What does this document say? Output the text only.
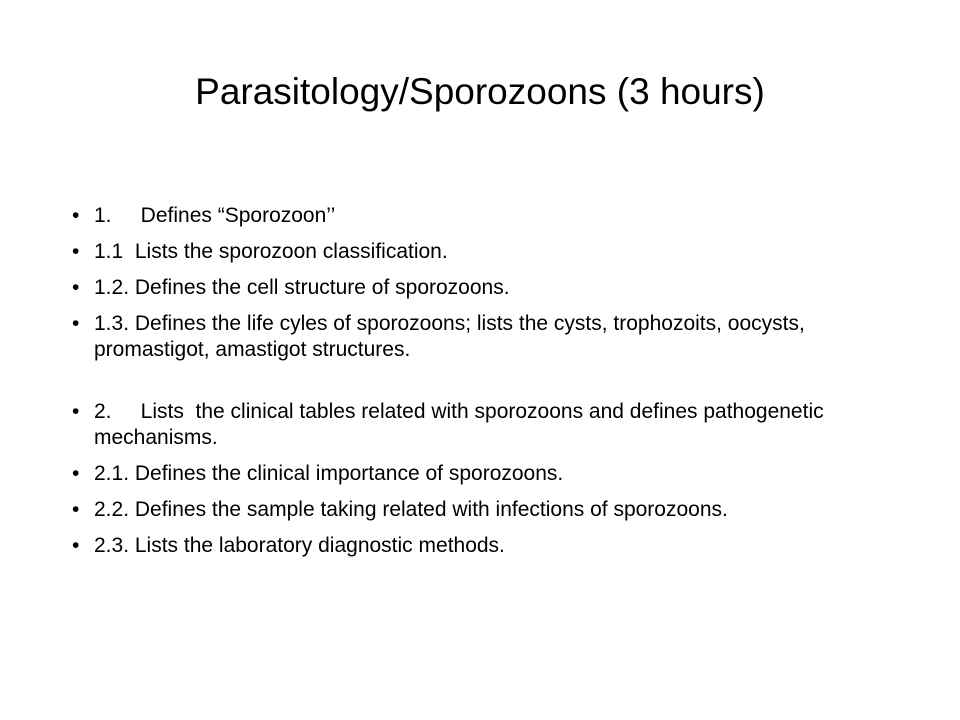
Parasitology/Sporozoons (3 hours)
• 1.     Defines “Sporozoon’’
• 1.1  Lists the sporozoon classification.
• 1.2. Defines the cell structure of sporozoons.
• 1.3. Defines the life cyles of sporozoons; lists the cysts, trophozoits, oocysts, promastigot, amastigot structures.
• 2.     Lists  the clinical tables related with sporozoons and defines pathogenetic mechanisms.
• 2.1. Defines the clinical importance of sporozoons.
• 2.2. Defines the sample taking related with infections of sporozoons.
• 2.3. Lists the laboratory diagnostic methods.
